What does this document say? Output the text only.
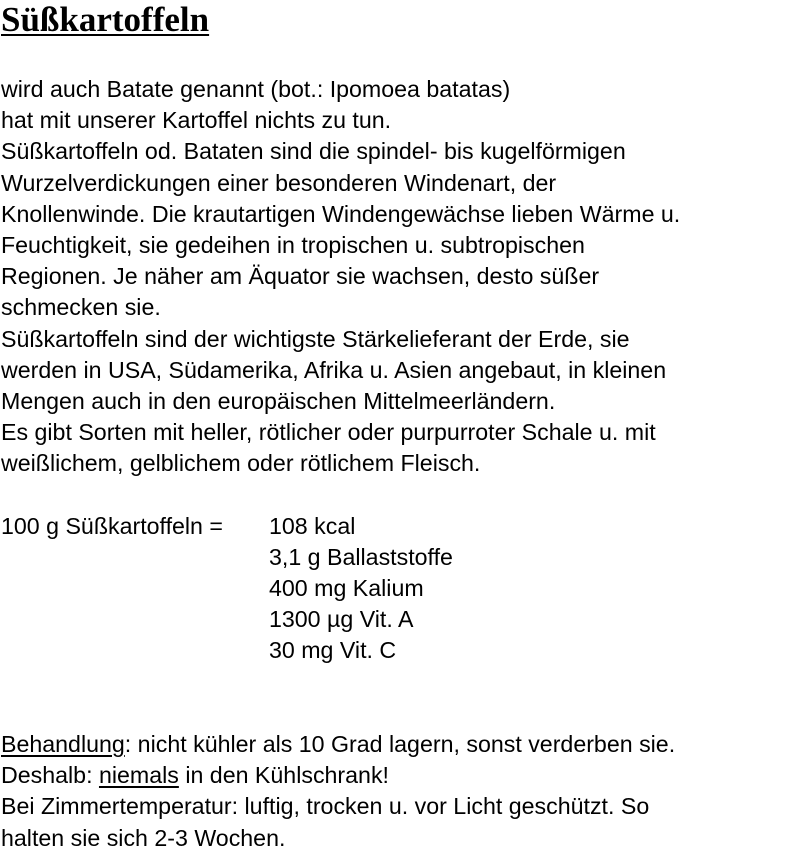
Süßkartoffeln
wird auch Batate genannt (bot.: Ipomoea batatas)
hat mit unserer Kartoffel nichts zu tun.
Süßkartoffeln od. Bataten sind die spindel- bis kugelförmigen
Wurzelverdickungen einer besonderen Windenart, der
Knollenwinde. Die krautartigen Windengewächse lieben Wärme u.
Feuchtigkeit, sie gedeihen in tropischen u. subtropischen
Regionen. Je näher am Äquator sie wachsen, desto süßer
schmecken sie.
Süßkartoffeln sind der wichtigste Stärkelieferant der Erde, sie
werden in USA, Südamerika, Afrika u. Asien angebaut, in kleinen
Mengen auch in den europäischen Mittelmeerländern.
Es gibt Sorten mit heller, rötlicher oder purpurroter Schale u. mit
weißlichem, gelblichem oder rötlichem Fleisch.
100 g Süßkartoffeln = 108 kcal
3,1 g Ballaststoffe
400 mg Kalium
1300 µg Vit. A
30 mg Vit. C
Behandlung: nicht kühler als 10 Grad lagern, sonst verderben sie.
Deshalb: niemals in den Kühlschrank!
Bei Zimmertemperatur: luftig, trocken u. vor Licht geschützt. So
halten sie sich 2-3 Wochen.
